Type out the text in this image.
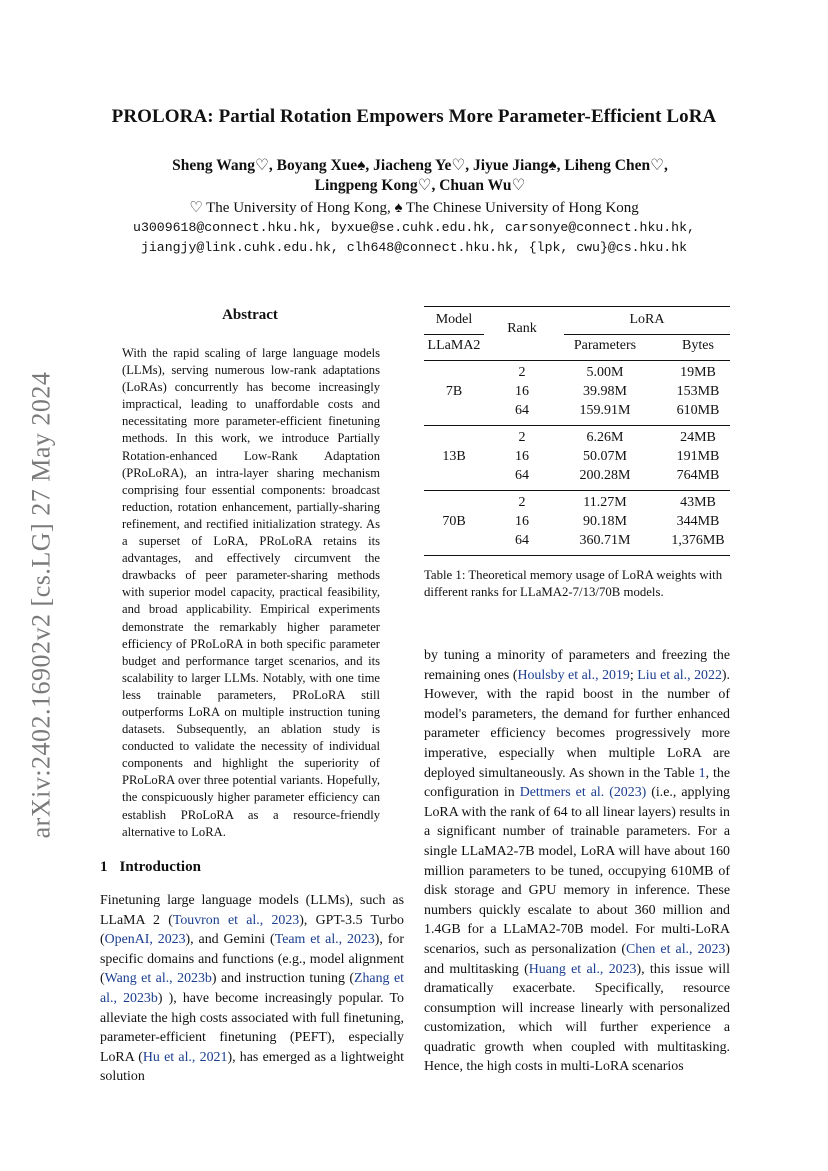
arXiv:2402.16902v2 [cs.LG] 27 May 2024
PROLORA: Partial Rotation Empowers More Parameter-Efficient LoRA
Sheng Wang♡, Boyang Xue♠, Jiacheng Ye♡, Jiyue Jiang♠, Liheng Chen♡,
Lingpeng Kong♡, Chuan Wu♡
♡ The University of Hong Kong, ♠ The Chinese University of Hong Kong
u3009618@connect.hku.hk, byxue@se.cuhk.edu.hk, carsonye@connect.hku.hk,
jiangjy@link.cuhk.edu.hk, clh648@connect.hku.hk, {lpk, cwu}@cs.hku.hk
Abstract
With the rapid scaling of large language models (LLMs), serving numerous low-rank adaptations (LoRAs) concurrently has become increasingly impractical, leading to unaffordable costs and necessitating more parameter-efficient finetuning methods. In this work, we introduce Partially Rotation-enhanced Low-Rank Adaptation (PRoLoRA), an intra-layer sharing mechanism comprising four essential components: broadcast reduction, rotation enhancement, partially-sharing refinement, and rectified initialization strategy. As a superset of LoRA, PRoLoRA retains its advantages, and effectively circumvent the drawbacks of peer parameter-sharing methods with superior model capacity, practical feasibility, and broad applicability. Empirical experiments demonstrate the remarkably higher parameter efficiency of PRoLoRA in both specific parameter budget and performance target scenarios, and its scalability to larger LLMs. Notably, with one time less trainable parameters, PRoLoRA still outperforms LoRA on multiple instruction tuning datasets. Subsequently, an ablation study is conducted to validate the necessity of individual components and highlight the superiority of PRoLoRA over three potential variants. Hopefully, the conspicuously higher parameter efficiency can establish PRoLoRA as a resource-friendly alternative to LoRA.
1 Introduction
Finetuning large language models (LLMs), such as LLaMA 2 (Touvron et al., 2023), GPT-3.5 Turbo (OpenAI, 2023), and Gemini (Team et al., 2023), for specific domains and functions (e.g., model alignment (Wang et al., 2023b) and instruction tuning (Zhang et al., 2023b) ), have become increasingly popular. To alleviate the high costs associated with full finetuning, parameter-efficient finetuning (PEFT), especially LoRA (Hu et al., 2021), has emerged as a lightweight solution
by tuning a minority of parameters and freezing the remaining ones (Houlsby et al., 2019; Liu et al., 2022). However, with the rapid boost in the number of model's parameters, the demand for further enhanced parameter efficiency becomes progressively more imperative, especially when multiple LoRA are deployed simultaneously. As shown in the Table 1, the configuration in Dettmers et al. (2023) (i.e., applying LoRA with the rank of 64 to all linear layers) results in a significant number of trainable parameters. For a single LLaMA2-7B model, LoRA will have about 160 million parameters to be tuned, occupying 610MB of disk storage and GPU memory in inference. These numbers quickly escalate to about 360 million and 1.4GB for a LLaMA2-70B model. For multi-LoRA scenarios, such as personalization (Chen et al., 2023) and multitasking (Huang et al., 2023), this issue will dramatically exacerbate. Specifically, resource consumption will increase linearly with personalized customization, which will further experience a quadratic growth when coupled with multitasking. Hence, the high costs in multi-LoRA scenarios
Model
LLaMA2
Rank
LoRA
Parameters	Bytes
7B
2	5.00M	19MB
16	39.98M	153MB
64	159.91M	610MB
13B
2	6.26M	24MB
16	50.07M	191MB
64	200.28M	764MB
70B
2	11.27M	43MB
16	90.18M	344MB
64	360.71M	1,376MB
Table 1: Theoretical memory usage of LoRA weights with different ranks for LLaMA2-7/13/70B models.
